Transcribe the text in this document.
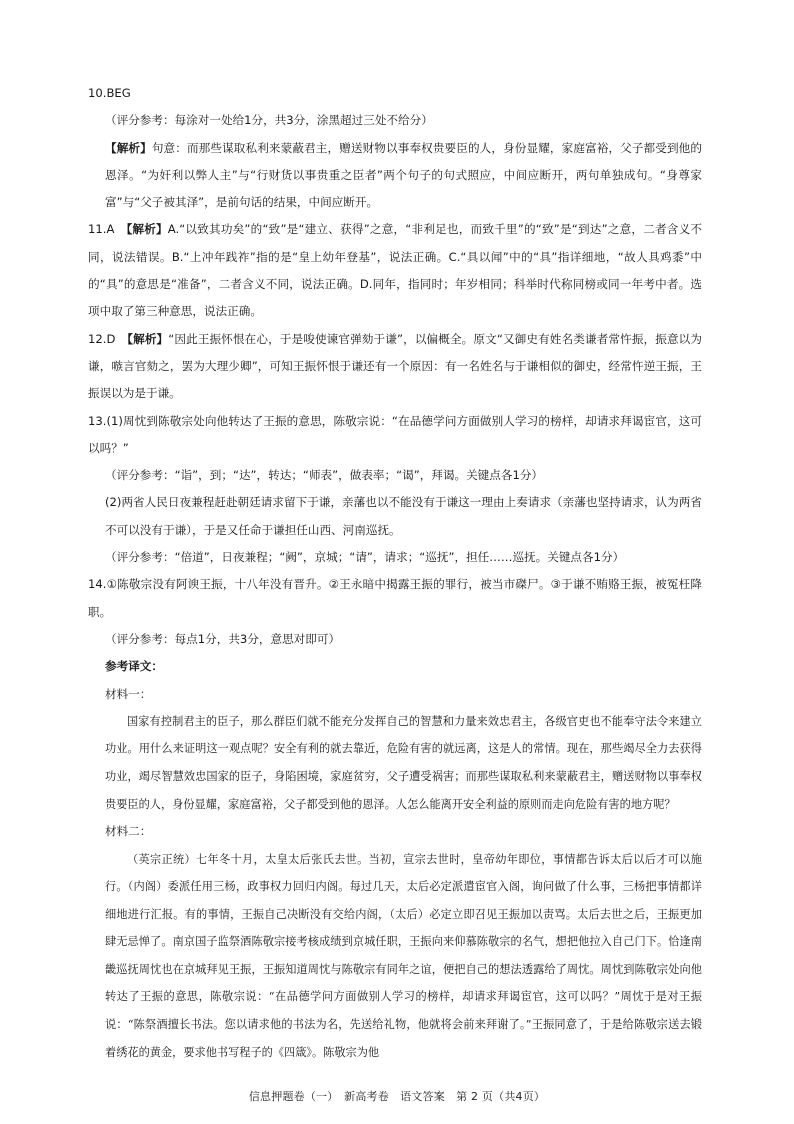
10.BEG

（评分参考：每涂对一处给1分，共3分，涂黑超过三处不给分）

【解析】句意：而那些谋取私利来蒙蔽君主，赠送财物以事奉权贵要臣的人，身份显耀，家庭富裕，父子都受到他的恩泽。“为奸利以弊人主”与“行财货以事贵重之臣者”两个句子的句式照应，中间应断开，两句单独成句。“身尊家富”与“父子被其泽”，是前句话的结果，中间应断开。

11.A　【解析】A.“以致其功矣”的“致”是“建立、获得”之意，“非利足也，而致千里”的“致”是“到达”之意，二者含义不同，说法错误。B.“上冲年践祚”指的是“皇上幼年登基”，说法正确。C.“具以闻”中的“具”指详细地，“故人具鸡黍”中的“具”的意思是“准备”，二者含义不同，说法正确。D.同年，指同时；年岁相同；科举时代称同榜或同一年考中者。选项中取了第三种意思，说法正确。

12.D　【解析】“因此王振怀恨在心，于是唆使谏官弹劾于谦”，以偏概全。原文“又御史有姓名类谦者常忤振，振意以为谦，嗾言官劾之，罢为大理少卿”，可知王振怀恨于谦还有一个原因：有一名姓名与于谦相似的御史，经常忤逆王振，王振误以为是于谦。

13.(1)周忱到陈敬宗处向他转达了王振的意思，陈敬宗说：“在品德学问方面做别人学习的榜样，却请求拜谒宦官，这可以吗？”

（评分参考：“诣”，到；“达”，转达；“师表”，做表率；“谒”，拜谒。关键点各1分）

(2)两省人民日夜兼程赶赴朝廷请求留下于谦，亲藩也以不能没有于谦这一理由上奏请求（亲藩也坚持请求，认为两省不可以没有于谦），于是又任命于谦担任山西、河南巡抚。

（评分参考：“倍道”，日夜兼程；“阙”，京城；“请”，请求；“巡抚”，担任……巡抚。关键点各1分）

14.①陈敬宗没有阿谀王振，十八年没有晋升。②王永暗中揭露王振的罪行，被当市磔尸。③于谦不贿赂王振，被冤枉降职。

（评分参考：每点1分，共3分，意思对即可）

参考译文：

材料一：

国家有控制君主的臣子，那么群臣们就不能充分发挥自己的智慧和力量来效忠君主，各级官吏也不能奉守法令来建立功业。用什么来证明这一观点呢？安全有利的就去靠近，危险有害的就远离，这是人的常情。现在，那些竭尽全力去获得功业，竭尽智慧效忠国家的臣子，身陷困境，家庭贫穷，父子遭受祸害；而那些谋取私利来蒙蔽君主，赠送财物以事奉权贵要臣的人，身份显耀，家庭富裕，父子都受到他的恩泽。人怎么能离开安全利益的原则而走向危险有害的地方呢？

材料二：

（英宗正统）七年冬十月，太皇太后张氏去世。当初，宣宗去世时，皇帝幼年即位，事情都告诉太后以后才可以施行。（内阁）委派任用三杨，政事权力回归内阁。每过几天，太后必定派遣宦官入阁，询问做了什么事，三杨把事情都详细地进行汇报。有的事情，王振自己决断没有交给内阁，（太后）必定立即召见王振加以责骂。太后去世之后，王振更加肆无忌惮了。南京国子监祭酒陈敬宗接考核成绩到京城任职，王振向来仰慕陈敬宗的名气，想把他拉入自己门下。恰逢南畿巡抚周忱也在京城拜见王振，王振知道周忱与陈敬宗有同年之谊，便把自己的想法透露给了周忱。周忱到陈敬宗处向他转达了王振的意思，陈敬宗说：“在品德学问方面做别人学习的榜样，却请求拜谒宦官，这可以吗？”周忱于是对王振说：“陈祭酒擅长书法。您以请求他的书法为名，先送给礼物，他就将会前来拜谢了。”王振同意了，于是给陈敬宗送去锻着绣花的黄金，要求他书写程子的《四箴》。陈敬宗为他

信息押题卷（一）　新高考卷　语文答案　第 2 页（共4页）
